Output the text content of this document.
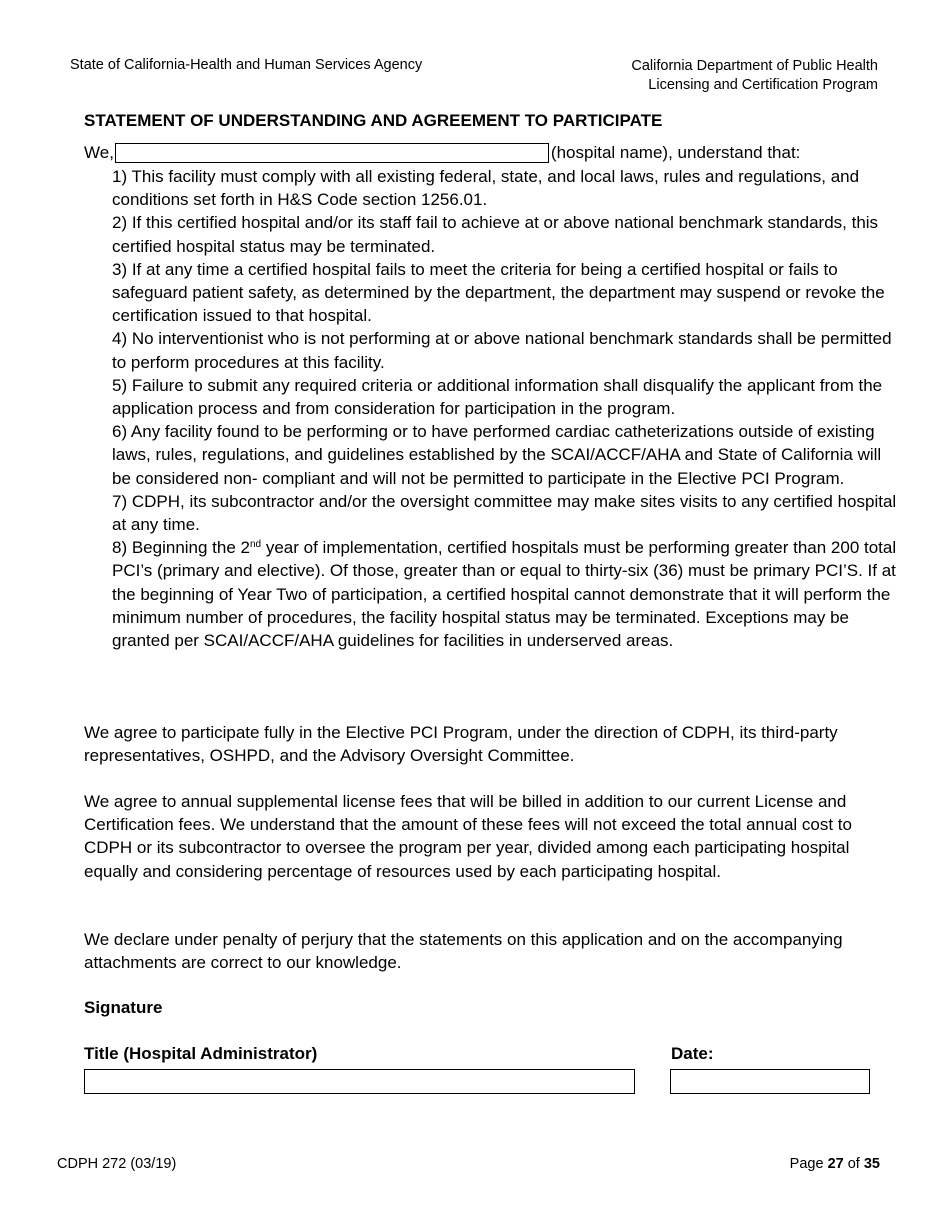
State of California-Health and Human Services Agency	California Department of Public Health
Licensing and Certification Program
STATEMENT OF UNDERSTANDING AND AGREEMENT TO PARTICIPATE
We,	(hospital name), understand that:

1) This facility must comply with all existing federal, state, and local laws, rules and regulations, and conditions set forth in H&S Code section 1256.01.

2) If this certified hospital and/or its staff fail to achieve at or above national benchmark standards, this certified hospital status may be terminated.

3) If at any time a certified hospital fails to meet the criteria for being a certified hospital or fails to safeguard patient safety, as determined by the department, the department may suspend or revoke the certification issued to that hospital.

4) No interventionist who is not performing at or above national benchmark standards shall be permitted to perform procedures at this facility.

5) Failure to submit any required criteria or additional information shall disqualify the applicant from the application process and from consideration for participation in the program.

6) Any facility found to be performing or to have performed cardiac catheterizations outside of existing laws, rules, regulations, and guidelines established by the SCAI/ACCF/AHA and State of California will be considered non- compliant and will not be permitted to participate in the Elective PCI Program.

7) CDPH, its subcontractor and/or the oversight committee may make sites visits to any certified hospital at any time.

8) Beginning the 2nd year of implementation, certified hospitals must be performing greater than 200 total PCI’s (primary and elective). Of those, greater than or equal to thirty-six (36) must be primary PCI’S. If at the beginning of Year Two of participation, a certified hospital cannot demonstrate that it will perform the minimum number of procedures, the facility hospital status may be terminated. Exceptions may be granted per SCAI/ACCF/AHA guidelines for facilities in underserved areas.

We agree to participate fully in the Elective PCI Program, under the direction of CDPH, its third-party representatives, OSHPD, and the Advisory Oversight Committee.

We agree to annual supplemental license fees that will be billed in addition to our current License and Certification fees. We understand that the amount of these fees will not exceed the total annual cost to CDPH or its subcontractor to oversee the program per year, divided among each participating hospital equally and considering percentage of resources used by each participating hospital.

We declare under penalty of perjury that the statements on this application and on the accompanying attachments are correct to our knowledge.

Signature
Title (Hospital Administrator)	Date:
CDPH 272 (03/19)	Page 27 of 35
